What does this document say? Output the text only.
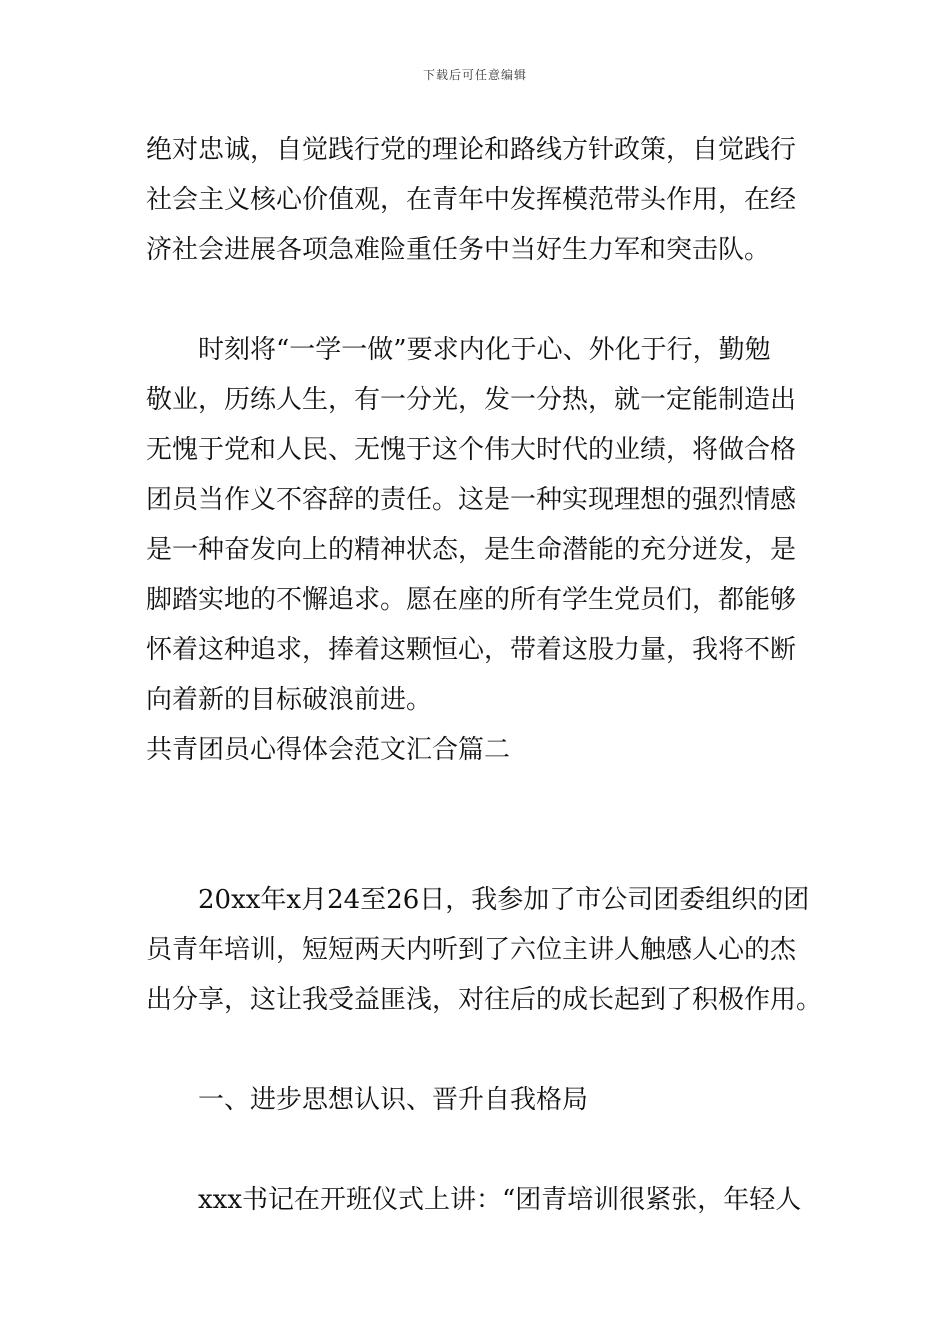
下载后可任意编辑
绝对忠诚，自觉践行党的理论和路线方针政策，自觉践行
社会主义核心价值观，在青年中发挥模范带头作用，在经
济社会进展各项急难险重任务中当好生力军和突击队。
时刻将“一学一做”要求内化于心、外化于行，勤勉
敬业，历练人生，有一分光，发一分热，就一定能制造出
无愧于党和人民、无愧于这个伟大时代的业绩，将做合格
团员当作义不容辞的责任。这是一种实现理想的强烈情感
是一种奋发向上的精神状态，是生命潜能的充分迸发，是
脚踏实地的不懈追求。愿在座的所有学生党员们，都能够
怀着这种追求，捧着这颗恒心，带着这股力量，我将不断
向着新的目标破浪前进。
共青团员心得体会范文汇合篇二
20xx年x月24至26日，我参加了市公司团委组织的团
员青年培训，短短两天内听到了六位主讲人触感人心的杰
出分享，这让我受益匪浅，对往后的成长起到了积极作用。
一、进步思想认识、晋升自我格局
xxx书记在开班仪式上讲：“团青培训很紧张，年轻人
